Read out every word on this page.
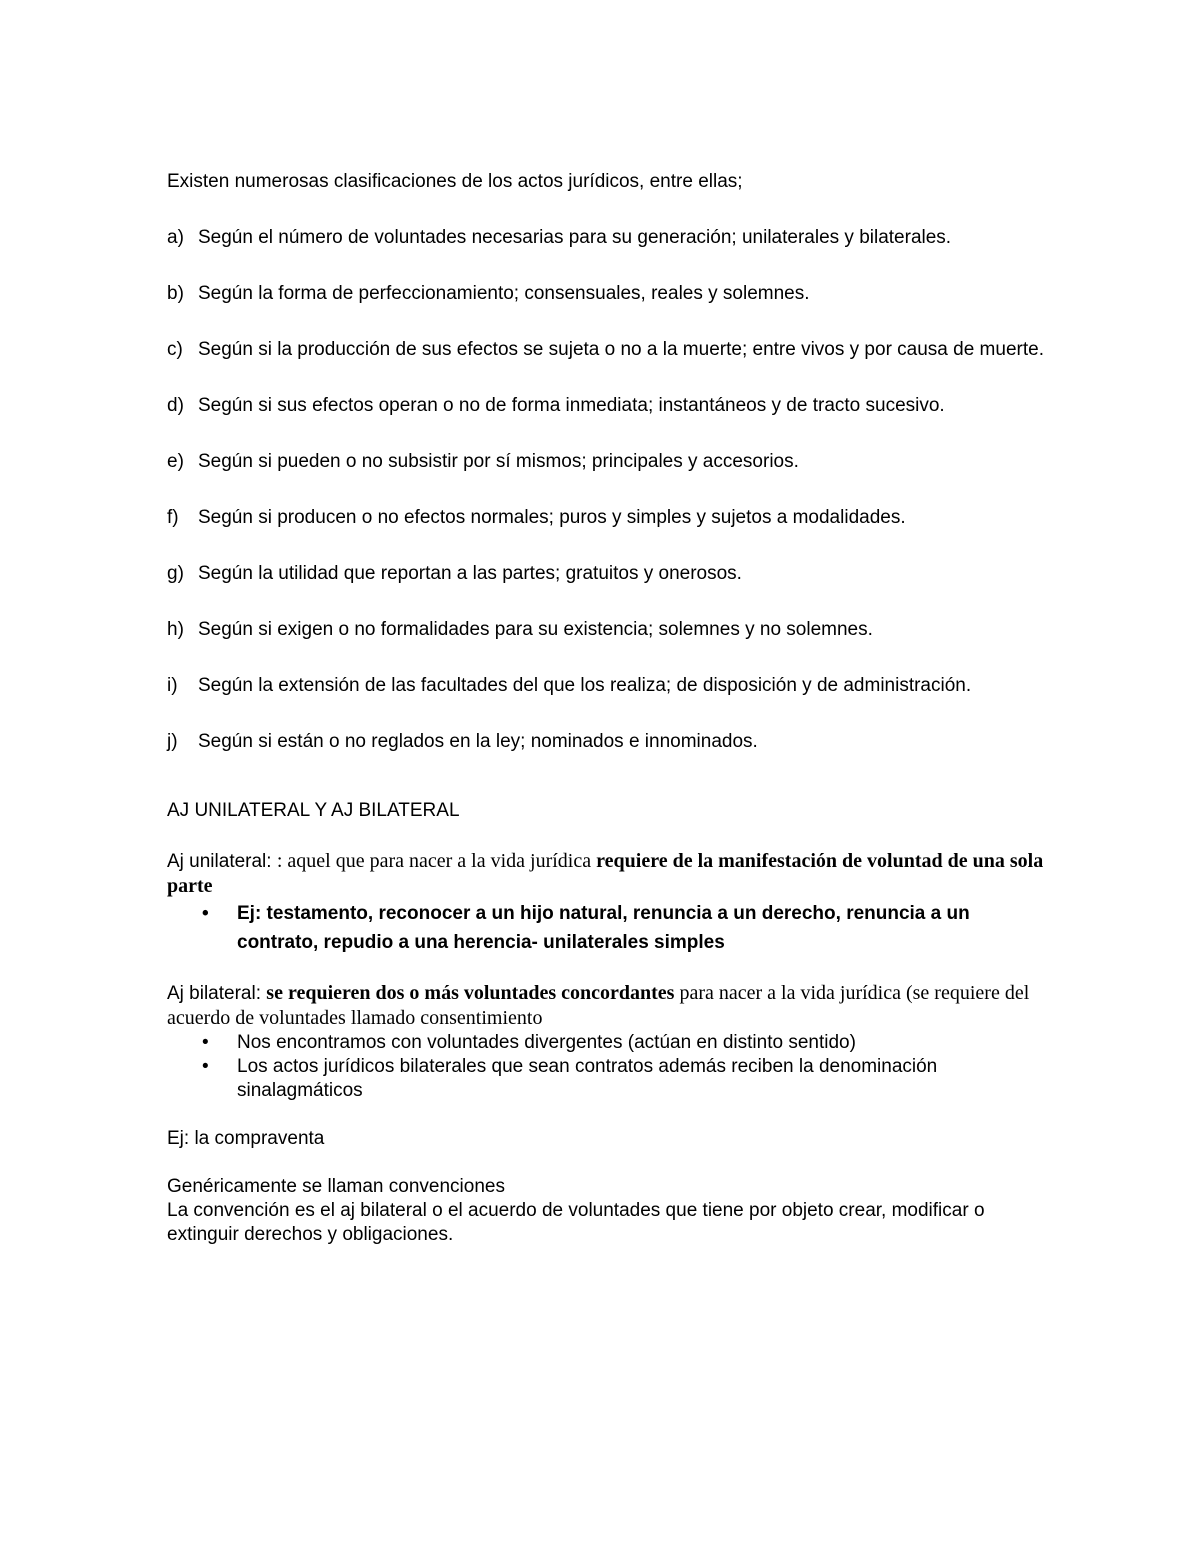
Existen numerosas clasificaciones de los actos jurídicos, entre ellas;

a) Según el número de voluntades necesarias para su generación; unilaterales y bilaterales.

b) Según la forma de perfeccionamiento; consensuales, reales y solemnes.

c) Según si la producción de sus efectos se sujeta o no a la muerte; entre vivos y por causa de muerte.

d) Según si sus efectos operan o no de forma inmediata; instantáneos y de tracto sucesivo.

e) Según si pueden o no subsistir por sí mismos; principales y accesorios.

f) Según si producen o no efectos normales; puros y simples y sujetos a modalidades.

g) Según la utilidad que reportan a las partes; gratuitos y onerosos.

h) Según si exigen o no formalidades para su existencia; solemnes y no solemnes.

i) Según la extensión de las facultades del que los realiza; de disposición y de administración.

j) Según si están o no reglados en la ley; nominados e innominados.

AJ UNILATERAL Y AJ BILATERAL

Aj unilateral: : aquel que para nacer a la vida jurídica requiere de la manifestación de voluntad de una sola parte

• Ej: testamento, reconocer a un hijo natural, renuncia a un derecho, renuncia a un contrato, repudio a una herencia- unilaterales simples

Aj bilateral: se requieren dos o más voluntades concordantes para nacer a la vida jurídica (se requiere del acuerdo de voluntades llamado consentimiento

• Nos encontramos con voluntades divergentes (actúan en distinto sentido)
• Los actos jurídicos bilaterales que sean contratos además reciben la denominación sinalagmáticos

Ej: la compraventa

Genéricamente se llaman convenciones

La convención es el aj bilateral o el acuerdo de voluntades que tiene por objeto crear, modificar o extinguir derechos y obligaciones.
